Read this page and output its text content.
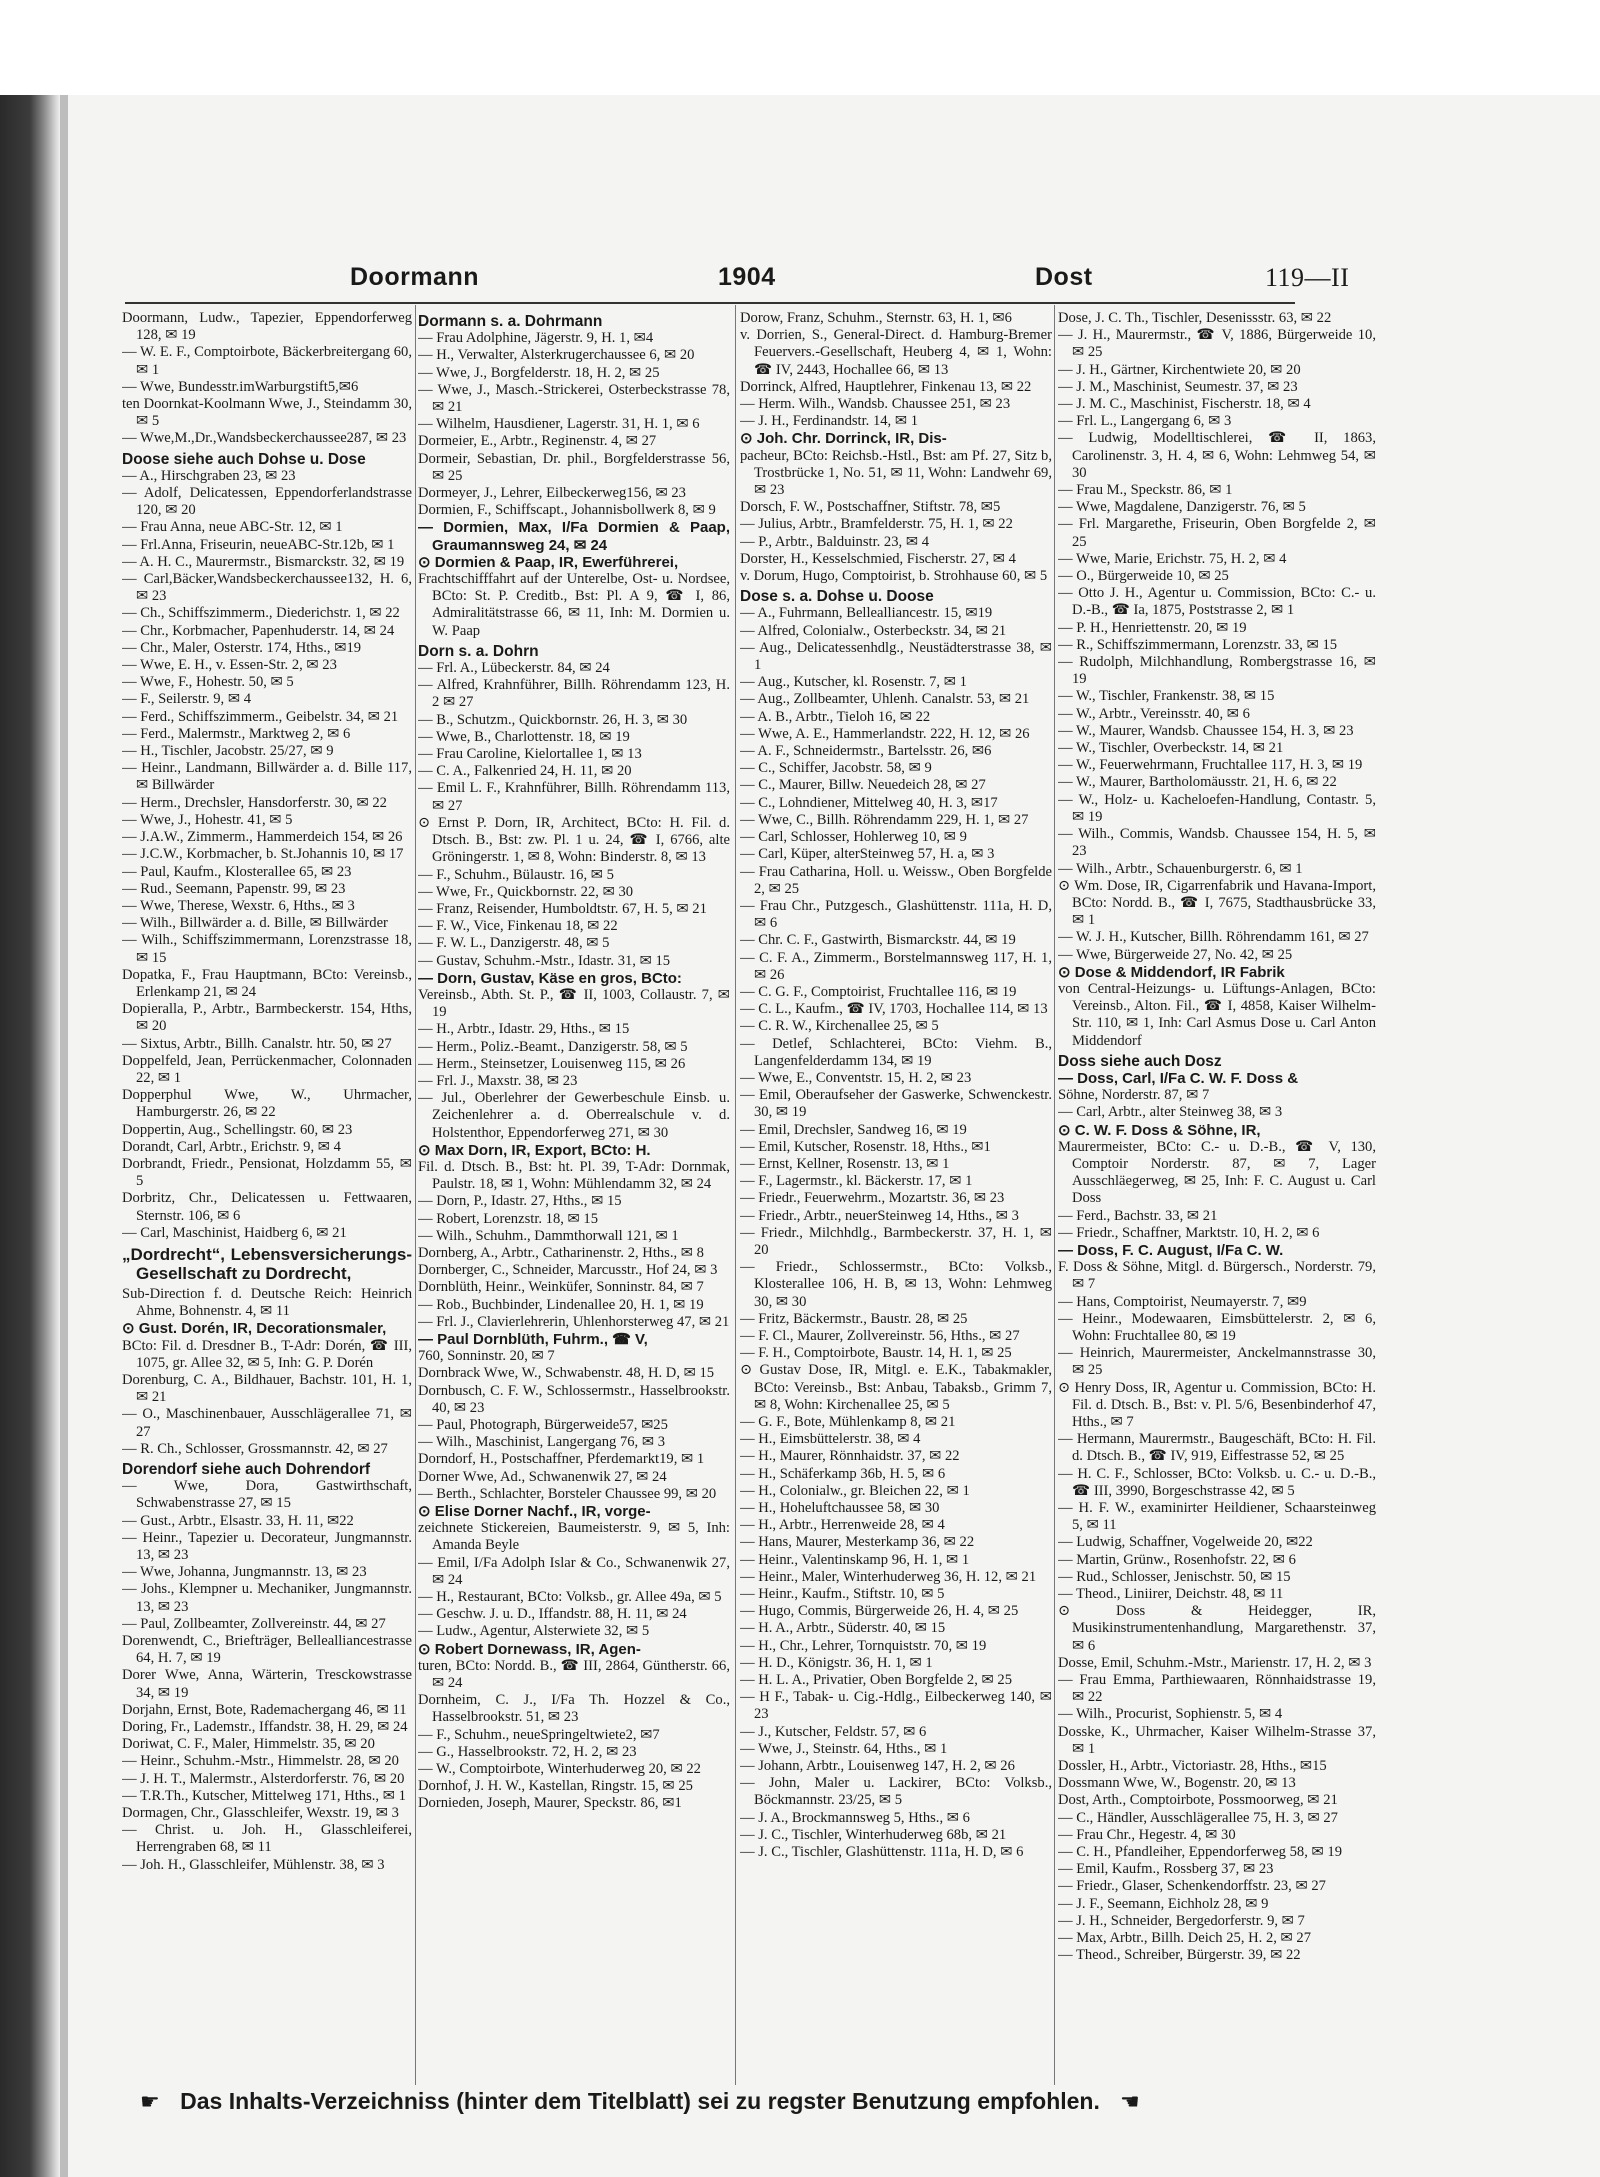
Doormann	1904	Dost	119—II
Doormann, Ludw., Tapezier, Eppendorferweg 128, ✉ 19
— W. E. F., Comptoirbote, Bäckerbreitergang 60, ✉ 1
— Wwe, Bundesstr.imWarburgstift5,✉6
ten Doornkat-Koolmann Wwe, J., Steindamm 30, ✉ 5
— Wwe,M.,Dr.,Wandsbeckerchaussee287, ✉ 23
Doose siehe auch Dohse u. Dose
— A., Hirschgraben 23, ✉ 23
— Adolf, Delicatessen, Eppendorferlandstrasse 120, ✉ 20
— Frau Anna, neue ABC-Str. 12, ✉ 1
— Frl.Anna, Friseurin, neueABC-Str.12b, ✉ 1
— A. H. C., Maurermstr., Bismarckstr. 32, ✉ 19
— Carl,Bäcker,Wandsbeckerchaussee132, H. 6, ✉ 23
— Ch., Schiffszimmerm., Diederichstr. 1, ✉ 22
— Chr., Korbmacher, Papenhuderstr. 14, ✉ 24
— Chr., Maler, Osterstr. 174, Hths., ✉19
— Wwe, E. H., v. Essen-Str. 2, ✉ 23
— Wwe, F., Hohestr. 50, ✉ 5
— F., Seilerstr. 9, ✉ 4
— Ferd., Schiffszimmerm., Geibelstr. 34, ✉ 21
— Ferd., Malermstr., Marktweg 2, ✉ 6
— H., Tischler, Jacobstr. 25/27, ✉ 9
— Heinr., Landmann, Billwärder a. d. Bille 117, ✉ Billwärder
— Herm., Drechsler, Hansdorferstr. 30, ✉ 22
— Wwe, J., Hohestr. 41, ✉ 5
— J.A.W., Zimmerm., Hammerdeich 154, ✉ 26
— J.C.W., Korbmacher, b. St.Johannis 10, ✉ 17
— Paul, Kaufm., Klosterallee 65, ✉ 23
— Rud., Seemann, Papenstr. 99, ✉ 23
— Wwe, Therese, Wexstr. 6, Hths., ✉ 3
— Wilh., Billwärder a. d. Bille, ✉ Billwärder
— Wilh., Schiffszimmermann, Lorenzstrasse 18, ✉ 15
Dopatka, F., Frau Hauptmann, BCto: Vereinsb., Erlenkamp 21, ✉ 24
Dopieralla, P., Arbtr., Barmbeckerstr. 154, Hths, ✉ 20
— Sixtus, Arbtr., Billh. Canalstr. htr. 50, ✉ 27
Doppelfeld, Jean, Perrückenmacher, Colonnaden 22, ✉ 1
Dopperphul Wwe, W., Uhrmacher, Hamburgerstr. 26, ✉ 22
Doppertin, Aug., Schellingstr. 60, ✉ 23
Dorandt, Carl, Arbtr., Erichstr. 9, ✉ 4
Dorbrandt, Friedr., Pensionat, Holzdamm 55, ✉ 5
Dorbritz, Chr., Delicatessen u. Fettwaaren, Sternstr. 106, ✉ 6
— Carl, Maschinist, Haidberg 6, ✉ 21
„Dordrecht“, Lebensversicherungs-Gesellschaft zu Dordrecht,
Sub-Direction f. d. Deutsche Reich: Heinrich Ahme, Bohnenstr. 4, ✉ 11
⊙ Gust. Dorén, IR, Decorationsmaler,
BCto: Fil. d. Dresdner B., T-Adr: Dorén, ☎ III, 1075, gr. Allee 32, ✉ 5, Inh: G. P. Dorén
Dorenburg, C. A., Bildhauer, Bachstr. 101, H. 1, ✉ 21
— O., Maschinenbauer, Ausschlägerallee 71, ✉ 27
— R. Ch., Schlosser, Grossmannstr. 42, ✉ 27
Dorendorf siehe auch Dohrendorf
— Wwe, Dora, Gastwirthschaft, Schwabenstrasse 27, ✉ 15
— Gust., Arbtr., Elsastr. 33, H. 11, ✉22
— Heinr., Tapezier u. Decorateur, Jungmannstr. 13, ✉ 23
— Wwe, Johanna, Jungmannstr. 13, ✉ 23
— Johs., Klempner u. Mechaniker, Jungmannstr. 13, ✉ 23
— Paul, Zollbeamter, Zollvereinstr. 44, ✉ 27
Dorenwendt, C., Briefträger, Bellealliancestrasse 64, H. 7, ✉ 19
Dorer Wwe, Anna, Wärterin, Tresckowstrasse 34, ✉ 19
Dorjahn, Ernst, Bote, Rademachergang 46, ✉ 11
Doring, Fr., Lademstr., Iffandstr. 38, H. 29, ✉ 24
Doriwat, C. F., Maler, Himmelstr. 35, ✉ 20
— Heinr., Schuhm.-Mstr., Himmelstr. 28, ✉ 20
— J. H. T., Malermstr., Alsterdorferstr. 76, ✉ 20
— T.R.Th., Kutscher, Mittelweg 171, Hths., ✉ 1
Dormagen, Chr., Glasschleifer, Wexstr. 19, ✉ 3
— Christ. u. Joh. H., Glasschleiferei, Herrengraben 68, ✉ 11
— Joh. H., Glasschleifer, Mühlenstr. 38, ✉ 3
Dormann s. a. Dohrmann
— Frau Adolphine, Jägerstr. 9, H. 1, ✉4
— H., Verwalter, Alsterkrugerchaussee 6, ✉ 20
— Wwe, J., Borgfelderstr. 18, H. 2, ✉ 25
— Wwe, J., Masch.-Strickerei, Osterbeckstrasse 78, ✉ 21
— Wilhelm, Hausdiener, Lagerstr. 31, H. 1, ✉ 6
Dormeier, E., Arbtr., Reginenstr. 4, ✉ 27
Dormeir, Sebastian, Dr. phil., Borgfelderstrasse 56, ✉ 25
Dormeyer, J., Lehrer, Eilbeckerweg156, ✉ 23
Dormien, F., Schiffscapt., Johannisbollwerk 8, ✉ 9
— Dormien, Max, I/Fa Dormien & Paap, Graumannsweg 24, ✉ 24
⊙ Dormien & Paap, IR, Ewerführerei,
Frachtschifffahrt auf der Unterelbe, Ost- u. Nordsee, BCto: St. P. Creditb., Bst: Pl. A 9, ☎ I, 86, Admiralitätstrasse 66, ✉ 11, Inh: M. Dormien u. W. Paap
Dorn s. a. Dohrn
— Frl. A., Lübeckerstr. 84, ✉ 24
— Alfred, Krahnführer, Billh. Röhrendamm 123, H. 2 ✉ 27
— B., Schutzm., Quickbornstr. 26, H. 3, ✉ 30
— Wwe, B., Charlottenstr. 18, ✉ 19
— Frau Caroline, Kielortallee 1, ✉ 13
— C. A., Falkenried 24, H. 11, ✉ 20
— Emil L. F., Krahnführer, Billh. Röhrendamm 113, ✉ 27
⊙ Ernst P. Dorn, IR, Architect, BCto: H. Fil. d. Dtsch. B., Bst: zw. Pl. 1 u. 24, ☎ I, 6766, alte Gröningerstr. 1, ✉ 8, Wohn: Binderstr. 8, ✉ 13
— F., Schuhm., Bülaustr. 16, ✉ 5
— Wwe, Fr., Quickbornstr. 22, ✉ 30
— Franz, Reisender, Humboldtstr. 67, H. 5, ✉ 21
— F. W., Vice, Finkenau 18, ✉ 22
— F. W. L., Danzigerstr. 48, ✉ 5
— Gustav, Schuhm.-Mstr., Idastr. 31, ✉ 15
— Dorn, Gustav, Käse en gros, BCto:
Vereinsb., Abth. St. P., ☎ II, 1003, Collaustr. 7, ✉ 19
— H., Arbtr., Idastr. 29, Hths., ✉ 15
— Herm., Poliz.-Beamt., Danzigerstr. 58, ✉ 5
— Herm., Steinsetzer, Louisenweg 115, ✉ 26
— Frl. J., Maxstr. 38, ✉ 23
— Jul., Oberlehrer der Gewerbeschule Einsb. u. Zeichenlehrer a. d. Oberrealschule v. d. Holstenthor, Eppendorferweg 271, ✉ 30
⊙ Max Dorn, IR, Export, BCto: H.
Fil. d. Dtsch. B., Bst: ht. Pl. 39, T-Adr: Dornmak, Paulstr. 18, ✉ 1, Wohn: Mühlendamm 32, ✉ 24
— Dorn, P., Idastr. 27, Hths., ✉ 15
— Robert, Lorenzstr. 18, ✉ 15
— Wilh., Schuhm., Dammthorwall 121, ✉ 1
Dornberg, A., Arbtr., Catharinenstr. 2, Hths., ✉ 8
Dornberger, C., Schneider, Marcusstr., Hof 24, ✉ 3
Dornblüth, Heinr., Weinküfer, Sonninstr. 84, ✉ 7
— Rob., Buchbinder, Lindenallee 20, H. 1, ✉ 19
— Frl. J., Clavierlehrerin, Uhlenhorsterweg 47, ✉ 21
— Paul Dornblüth, Fuhrm., ☎ V,
760, Sonninstr. 20, ✉ 7
Dornbrack Wwe, W., Schwabenstr. 48, H. D, ✉ 15
Dornbusch, C. F. W., Schlossermstr., Hasselbrookstr. 40, ✉ 23
— Paul, Photograph, Bürgerweide57, ✉25
— Wilh., Maschinist, Langergang 76, ✉ 3
Dorndorf, H., Postschaffner, Pferdemarkt19, ✉ 1
Dorner Wwe, Ad., Schwanenwik 27, ✉ 24
— Berth., Schlachter, Borsteler Chaussee 99, ✉ 20
⊙ Elise Dorner Nachf., IR, vorge-
zeichnete Stickereien, Baumeisterstr. 9, ✉ 5, Inh: Amanda Beyle
— Emil, I/Fa Adolph Islar & Co., Schwanenwik 27, ✉ 24
— H., Restaurant, BCto: Volksb., gr. Allee 49a, ✉ 5
— Geschw. J. u. D., Iffandstr. 88, H. 11, ✉ 24
— Ludw., Agentur, Alsterwiete 32, ✉ 5
⊙ Robert Dornewass, IR, Agen-
turen, BCto: Nordd. B., ☎ III, 2864, Güntherstr. 66, ✉ 24
Dornheim, C. J., I/Fa Th. Hozzel & Co., Hasselbrookstr. 51, ✉ 23
— F., Schuhm., neueSpringeltwiete2, ✉7
— G., Hasselbrookstr. 72, H. 2, ✉ 23
— W., Comptoirbote, Winterhuderweg 20, ✉ 22
Dornhof, J. H. W., Kastellan, Ringstr. 15, ✉ 25
Dornieden, Joseph, Maurer, Speckstr. 86, ✉1
Dorow, Franz, Schuhm., Sternstr. 63, H. 1, ✉6
v. Dorrien, S., General-Direct. d. Hamburg-Bremer Feuervers.-Gesellschaft, Heuberg 4, ✉ 1, Wohn: ☎ IV, 2443, Hochallee 66, ✉ 13
Dorrinck, Alfred, Hauptlehrer, Finkenau 13, ✉ 22
— Herm. Wilh., Wandsb. Chaussee 251, ✉ 23
— J. H., Ferdinandstr. 14, ✉ 1
⊙ Joh. Chr. Dorrinck, IR, Dis-
pacheur, BCto: Reichsb.-Hstl., Bst: am Pf. 27, Sitz b, Trostbrücke 1, No. 51, ✉ 11, Wohn: Landwehr 69, ✉ 23
Dorsch, F. W., Postschaffner, Stiftstr. 78, ✉5
— Julius, Arbtr., Bramfelderstr. 75, H. 1, ✉ 22
— P., Arbtr., Balduinstr. 23, ✉ 4
Dorster, H., Kesselschmied, Fischerstr. 27, ✉ 4
v. Dorum, Hugo, Comptoirist, b. Strohhause 60, ✉ 5
Dose s. a. Dohse u. Doose
— A., Fuhrmann, Bellealliancestr. 15, ✉19
— Alfred, Colonialw., Osterbeckstr. 34, ✉ 21
— Aug., Delicatessenhdlg., Neustädterstrasse 38, ✉ 1
— Aug., Kutscher, kl. Rosenstr. 7, ✉ 1
— Aug., Zollbeamter, Uhlenh. Canalstr. 53, ✉ 21
— A. B., Arbtr., Tieloh 16, ✉ 22
— Wwe, A. E., Hammerlandstr. 222, H. 12, ✉ 26
— A. F., Schneidermstr., Bartelsstr. 26, ✉6
— C., Schiffer, Jacobstr. 58, ✉ 9
— C., Maurer, Billw. Neuedeich 28, ✉ 27
— C., Lohndiener, Mittelweg 40, H. 3, ✉17
— Wwe, C., Billh. Röhrendamm 229, H. 1, ✉ 27
— Carl, Schlosser, Hohlerweg 10, ✉ 9
— Carl, Küper, alterSteinweg 57, H. a, ✉ 3
— Frau Catharina, Holl. u. Weissw., Oben Borgfelde 2, ✉ 25
— Frau Chr., Putzgesch., Glashüttenstr. 111a, H. D, ✉ 6
— Chr. C. F., Gastwirth, Bismarckstr. 44, ✉ 19
— C. F. A., Zimmerm., Borstelmannsweg 117, H. 1, ✉ 26
— C. G. F., Comptoirist, Fruchtallee 116, ✉ 19
— C. L., Kaufm., ☎ IV, 1703, Hochallee 114, ✉ 13
— C. R. W., Kirchenallee 25, ✉ 5
— Detlef, Schlachterei, BCto: Viehm. B., Langenfelderdamm 134, ✉ 19
— Wwe, E., Conventstr. 15, H. 2, ✉ 23
— Emil, Oberaufseher der Gaswerke, Schwenckestr. 30, ✉ 19
— Emil, Drechsler, Sandweg 16, ✉ 19
— Emil, Kutscher, Rosenstr. 18, Hths., ✉1
— Ernst, Kellner, Rosenstr. 13, ✉ 1
— F., Lagermstr., kl. Bäckerstr. 17, ✉ 1
— Friedr., Feuerwehrm., Mozartstr. 36, ✉ 23
— Friedr., Arbtr., neuerSteinweg 14, Hths., ✉ 3
— Friedr., Milchhdlg., Barmbeckerstr. 37, H. 1, ✉ 20
— Friedr., Schlossermstr., BCto: Volksb., Klosterallee 106, H. B, ✉ 13, Wohn: Lehmweg 30, ✉ 30
— Fritz, Bäckermstr., Baustr. 28, ✉ 25
— F. Cl., Maurer, Zollvereinstr. 56, Hths., ✉ 27
— F. H., Comptoirbote, Baustr. 14, H. 1, ✉ 25
⊙ Gustav Dose, IR, Mitgl. e. E.K., Tabakmakler, BCto: Vereinsb., Bst: Anbau, Tabaksb., Grimm 7, ✉ 8, Wohn: Kirchenallee 25, ✉ 5
— G. F., Bote, Mühlenkamp 8, ✉ 21
— H., Eimsbüttelerstr. 38, ✉ 4
— H., Maurer, Rönnhaidstr. 37, ✉ 22
— H., Schäferkamp 36b, H. 5, ✉ 6
— H., Colonialw., gr. Bleichen 22, ✉ 1
— H., Hoheluftchaussee 58, ✉ 30
— H., Arbtr., Herrenweide 28, ✉ 4
— Hans, Maurer, Mesterkamp 36, ✉ 22
— Heinr., Valentinskamp 96, H. 1, ✉ 1
— Heinr., Maler, Winterhuderweg 36, H. 12, ✉ 21
— Heinr., Kaufm., Stiftstr. 10, ✉ 5
— Hugo, Commis, Bürgerweide 26, H. 4, ✉ 25
— H. A., Arbtr., Süderstr. 40, ✉ 15
— H., Chr., Lehrer, Tornquiststr. 70, ✉ 19
— H. D., Königstr. 36, H. 1, ✉ 1
— H. L. A., Privatier, Oben Borgfelde 2, ✉ 25
— H F., Tabak- u. Cig.-Hdlg., Eilbeckerweg 140, ✉ 23
— J., Kutscher, Feldstr. 57, ✉ 6
— Wwe, J., Steinstr. 64, Hths., ✉ 1
— Johann, Arbtr., Louisenweg 147, H. 2, ✉ 26
— John, Maler u. Lackirer, BCto: Volksb., Böckmannstr. 23/25, ✉ 5
— J. A., Brockmannsweg 5, Hths., ✉ 6
— J. C., Tischler, Winterhuderweg 68b, ✉ 21
— J. C., Tischler, Glashüttenstr. 111a, H. D, ✉ 6
Dose, J. C. Th., Tischler, Desenissstr. 63, ✉ 22
— J. H., Maurermstr., ☎ V, 1886, Bürgerweide 10, ✉ 25
— J. H., Gärtner, Kirchentwiete 20, ✉ 20
— J. M., Maschinist, Seumestr. 37, ✉ 23
— J. M. C., Maschinist, Fischerstr. 18, ✉ 4
— Frl. L., Langergang 6, ✉ 3
— Ludwig, Modelltischlerei, ☎ II, 1863, Carolinenstr. 3, H. 4, ✉ 6, Wohn: Lehmweg 54, ✉ 30
— Frau M., Speckstr. 86, ✉ 1
— Wwe, Magdalene, Danzigerstr. 76, ✉ 5
— Frl. Margarethe, Friseurin, Oben Borgfelde 2, ✉ 25
— Wwe, Marie, Erichstr. 75, H. 2, ✉ 4
— O., Bürgerweide 10, ✉ 25
— Otto J. H., Agentur u. Commission, BCto: C.- u. D.-B., ☎ Ia, 1875, Poststrasse 2, ✉ 1
— P. H., Henriettenstr. 20, ✉ 19
— R., Schiffszimmermann, Lorenzstr. 33, ✉ 15
— Rudolph, Milchhandlung, Rombergstrasse 16, ✉ 19
— W., Tischler, Frankenstr. 38, ✉ 15
— W., Arbtr., Vereinsstr. 40, ✉ 6
— W., Maurer, Wandsb. Chaussee 154, H. 3, ✉ 23
— W., Tischler, Overbeckstr. 14, ✉ 21
— W., Feuerwehrmann, Fruchtallee 117, H. 3, ✉ 19
— W., Maurer, Bartholomäusstr. 21, H. 6, ✉ 22
— W., Holz- u. Kacheloefen-Handlung, Contastr. 5, ✉ 19
— Wilh., Commis, Wandsb. Chaussee 154, H. 5, ✉ 23
— Wilh., Arbtr., Schauenburgerstr. 6, ✉ 1
⊙ Wm. Dose, IR, Cigarrenfabrik und Havana-Import, BCto: Nordd. B., ☎ I, 7675, Stadthausbrücke 33, ✉ 1
— W. J. H., Kutscher, Billh. Röhrendamm 161, ✉ 27
— Wwe, Bürgerweide 27, No. 42, ✉ 25
⊙ Dose & Middendorf, IR Fabrik
von Central-Heizungs- u. Lüftungs-Anlagen, BCto: Vereinsb., Alton. Fil., ☎ I, 4858, Kaiser Wilhelm-Str. 110, ✉ 1, Inh: Carl Asmus Dose u. Carl Anton Middendorf
Doss siehe auch Dosz
— Doss, Carl, I/Fa C. W. F. Doss &
Söhne, Norderstr. 87, ✉ 7
— Carl, Arbtr., alter Steinweg 38, ✉ 3
⊙ C. W. F. Doss & Söhne, IR,
Maurermeister, BCto: C.- u. D.-B., ☎ V, 130, Comptoir Norderstr. 87, ✉ 7, Lager Ausschläegerweg, ✉ 25, Inh: F. C. August u. Carl Doss
— Ferd., Bachstr. 33, ✉ 21
— Friedr., Schaffner, Marktstr. 10, H. 2, ✉ 6
— Doss, F. C. August, I/Fa C. W.
F. Doss & Söhne, Mitgl. d. Bürgersch., Norderstr. 79, ✉ 7
— Hans, Comptoirist, Neumayerstr. 7, ✉9
— Heinr., Modewaaren, Eimsbüttelerstr. 2, ✉ 6, Wohn: Fruchtallee 80, ✉ 19
— Heinrich, Maurermeister, Anckelmannstrasse 30, ✉ 25
⊙ Henry Doss, IR, Agentur u. Commission, BCto: H. Fil. d. Dtsch. B., Bst: v. Pl. 5/6, Besenbinderhof 47, Hths., ✉ 7
— Hermann, Maurermstr., Baugeschäft, BCto: H. Fil. d. Dtsch. B., ☎ IV, 919, Eiffestrasse 52, ✉ 25
— H. C. F., Schlosser, BCto: Volksb. u. C.- u. D.-B., ☎ III, 3990, Borgeschstrasse 42, ✉ 5
— H. F. W., examinirter Heildiener, Schaarsteinweg 5, ✉ 11
— Ludwig, Schaffner, Vogelweide 20, ✉22
— Martin, Grünw., Rosenhofstr. 22, ✉ 6
— Rud., Schlosser, Jenischstr. 50, ✉ 15
— Theod., Liniirer, Deichstr. 48, ✉ 11
⊙ Doss & Heidegger, IR, Musikinstrumentenhandlung, Margarethenstr. 37, ✉ 6
Dosse, Emil, Schuhm.-Mstr., Marienstr. 17, H. 2, ✉ 3
— Frau Emma, Parthiewaaren, Rönnhaidstrasse 19, ✉ 22
— Wilh., Procurist, Sophienstr. 5, ✉ 4
Dosske, K., Uhrmacher, Kaiser Wilhelm-Strasse 37, ✉ 1
Dossler, H., Arbtr., Victoriastr. 28, Hths., ✉15
Dossmann Wwe, W., Bogenstr. 20, ✉ 13
Dost, Arth., Comptoirbote, Possmoorweg, ✉ 21
— C., Händler, Ausschlägerallee 75, H. 3, ✉ 27
— Frau Chr., Hegestr. 4, ✉ 30
— C. H., Pfandleiher, Eppendorferweg 58, ✉ 19
— Emil, Kaufm., Rossberg 37, ✉ 23
— Friedr., Glaser, Schenkendorffstr. 23, ✉ 27
— J. F., Seemann, Eichholz 28, ✉ 9
— J. H., Schneider, Bergedorferstr. 9, ✉ 7
— Max, Arbtr., Billh. Deich 25, H. 2, ✉ 27
— Theod., Schreiber, Bürgerstr. 39, ✉ 22
☛ Das Inhalts-Verzeichniss (hinter dem Titelblatt) sei zu regster Benutzung empfohlen. ☛
